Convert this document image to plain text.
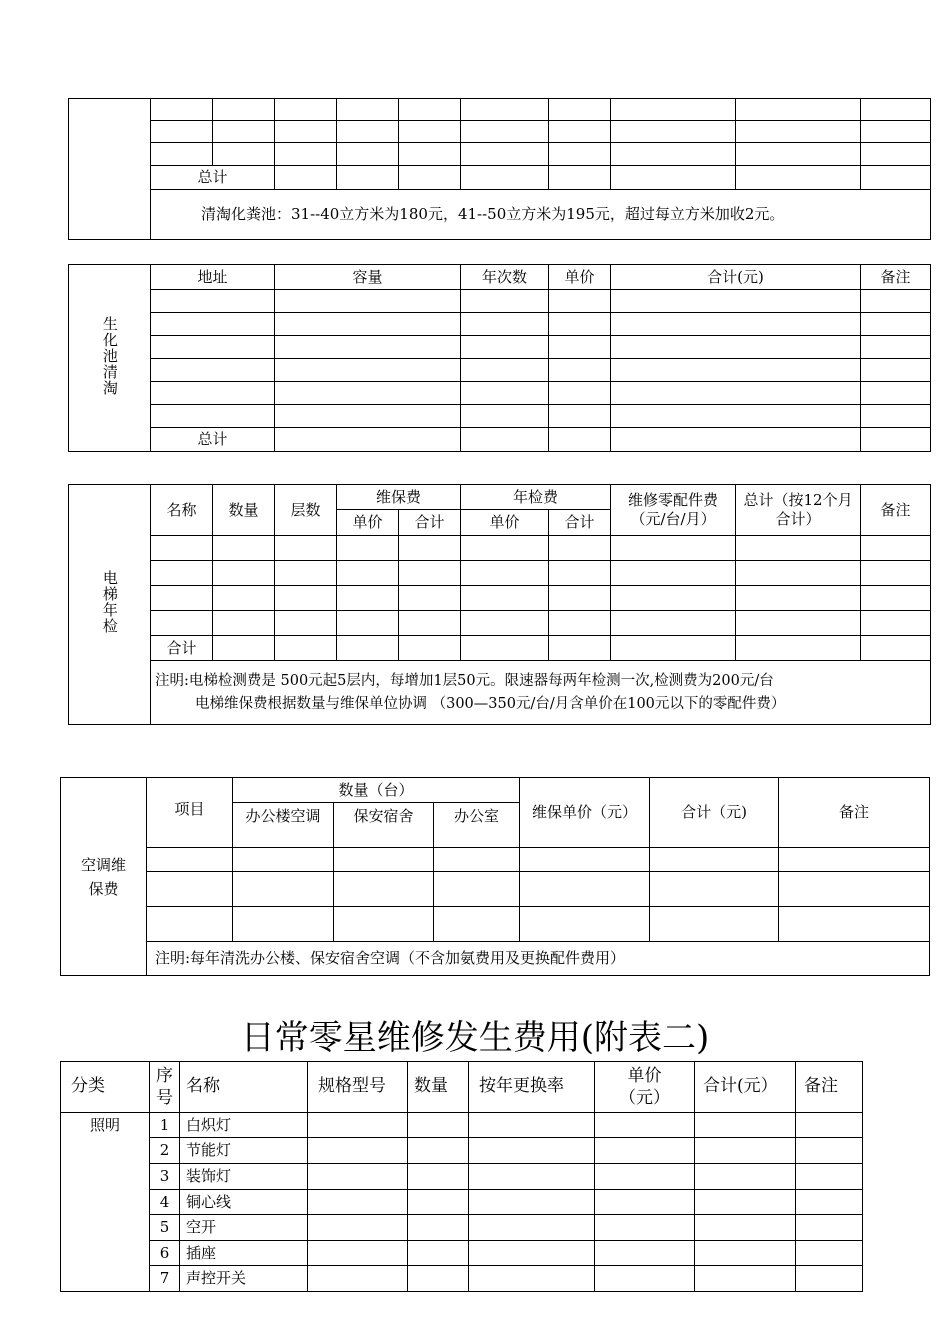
	总计									
	清淘化粪池：31--40立方米为180元，41--50立方米为195元，超过每立方米加收2元。									
生化池清淘	地址	容量	年次数	单价	合计(元)	备注

	总计					
电梯年检	名称	数量	层数	维保费		年检费		维修零配件费（元/台/月）	总计（按12个月合计）	备注
				单价	合计	单价	合计			

	合计									

	注明:电梯检测费是 500元起5层内，每增加1层50元。限速器每两年检测一次,检测费为200元/台
电梯维保费根据数量与维保单位协调 （300—350元/台/月含单价在100元以下的零配件费）									
空调维保费	项目	数量（台）			维保单价（元）	合计（元)	备注
		办公楼空调	保安宿舍	办公室			

	注明:每年清洗办公楼、保安宿舍空调（不含加氨费用及更换配件费用）						
日常零星维修发生费用(附表二)
分类	序号	名称	规格型号	数量	按年更换率	单价（元）	合计(元）	备注
照明	1	白炽灯						
	2	节能灯						
	3	装饰灯						
	4	铜心线						
	5	空开						
	6	插座						
	7	声控开关						
